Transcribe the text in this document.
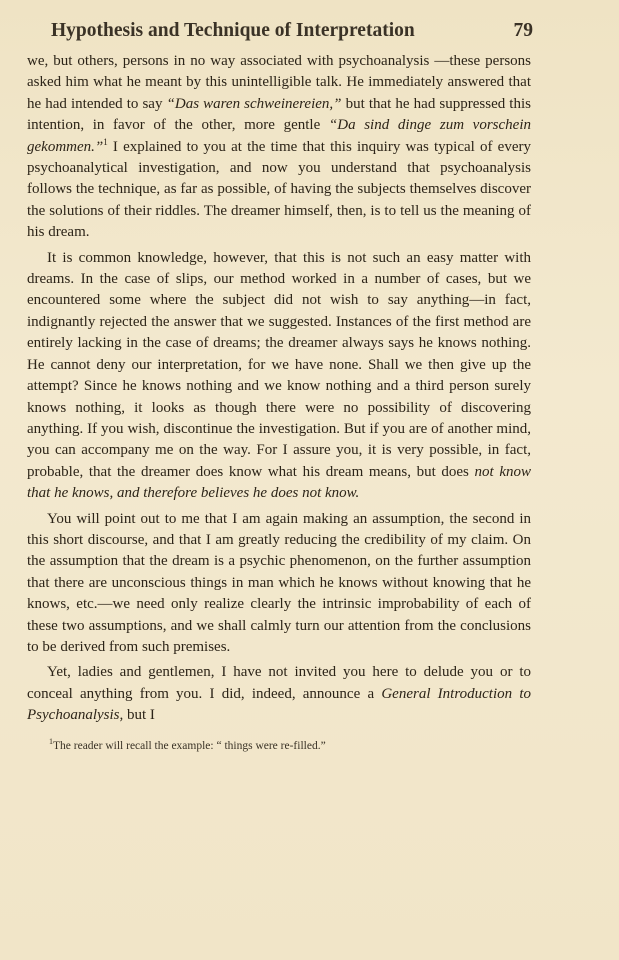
Hypothesis and Technique of Interpretation	79

we, but others, persons in no way associated with psychoanalysis —these persons asked him what he meant by this unintelligible talk. He immediately answered that he had intended to say “Das waren schweinereien,” but that he had suppressed this intention, in favor of the other, more gentle “Da sind dinge zum vorschein gekommen.”$^1$ I explained to you at the time that this inquiry was typical of every psychoanalytical investigation, and now you understand that psychoanalysis follows the technique, as far as possible, of having the subjects themselves discover the solutions of their riddles. The dreamer himself, then, is to tell us the meaning of his dream.

It is common knowledge, however, that this is not such an easy matter with dreams. In the case of slips, our method worked in a number of cases, but we encountered some where the subject did not wish to say anything—in fact, indignantly rejected the answer that we suggested. Instances of the first method are entirely lacking in the case of dreams; the dreamer always says he knows nothing. He cannot deny our interpretation, for we have none. Shall we then give up the attempt? Since he knows nothing and we know nothing and a third person surely knows nothing, it looks as though there were no possibility of discovering anything. If you wish, discontinue the investigation. But if you are of another mind, you can accompany me on the way. For I assure you, it is very possible, in fact, probable, that the dreamer does know what his dream means, but does not know that he knows, and therefore believes he does not know.

You will point out to me that I am again making an assumption, the second in this short discourse, and that I am greatly reducing the credibility of my claim. On the assumption that the dream is a psychic phenomenon, on the further assumption that there are unconscious things in man which he knows without knowing that he knows, etc.—we need only realize clearly the intrinsic improbability of each of these two assumptions, and we shall calmly turn our attention from the conclusions to be derived from such premises.

Yet, ladies and gentlemen, I have not invited you here to delude you or to conceal anything from you. I did, indeed, announce a General Introduction to Psychoanalysis, but I

$^1$The reader will recall the example: “ things were re-filled.”
